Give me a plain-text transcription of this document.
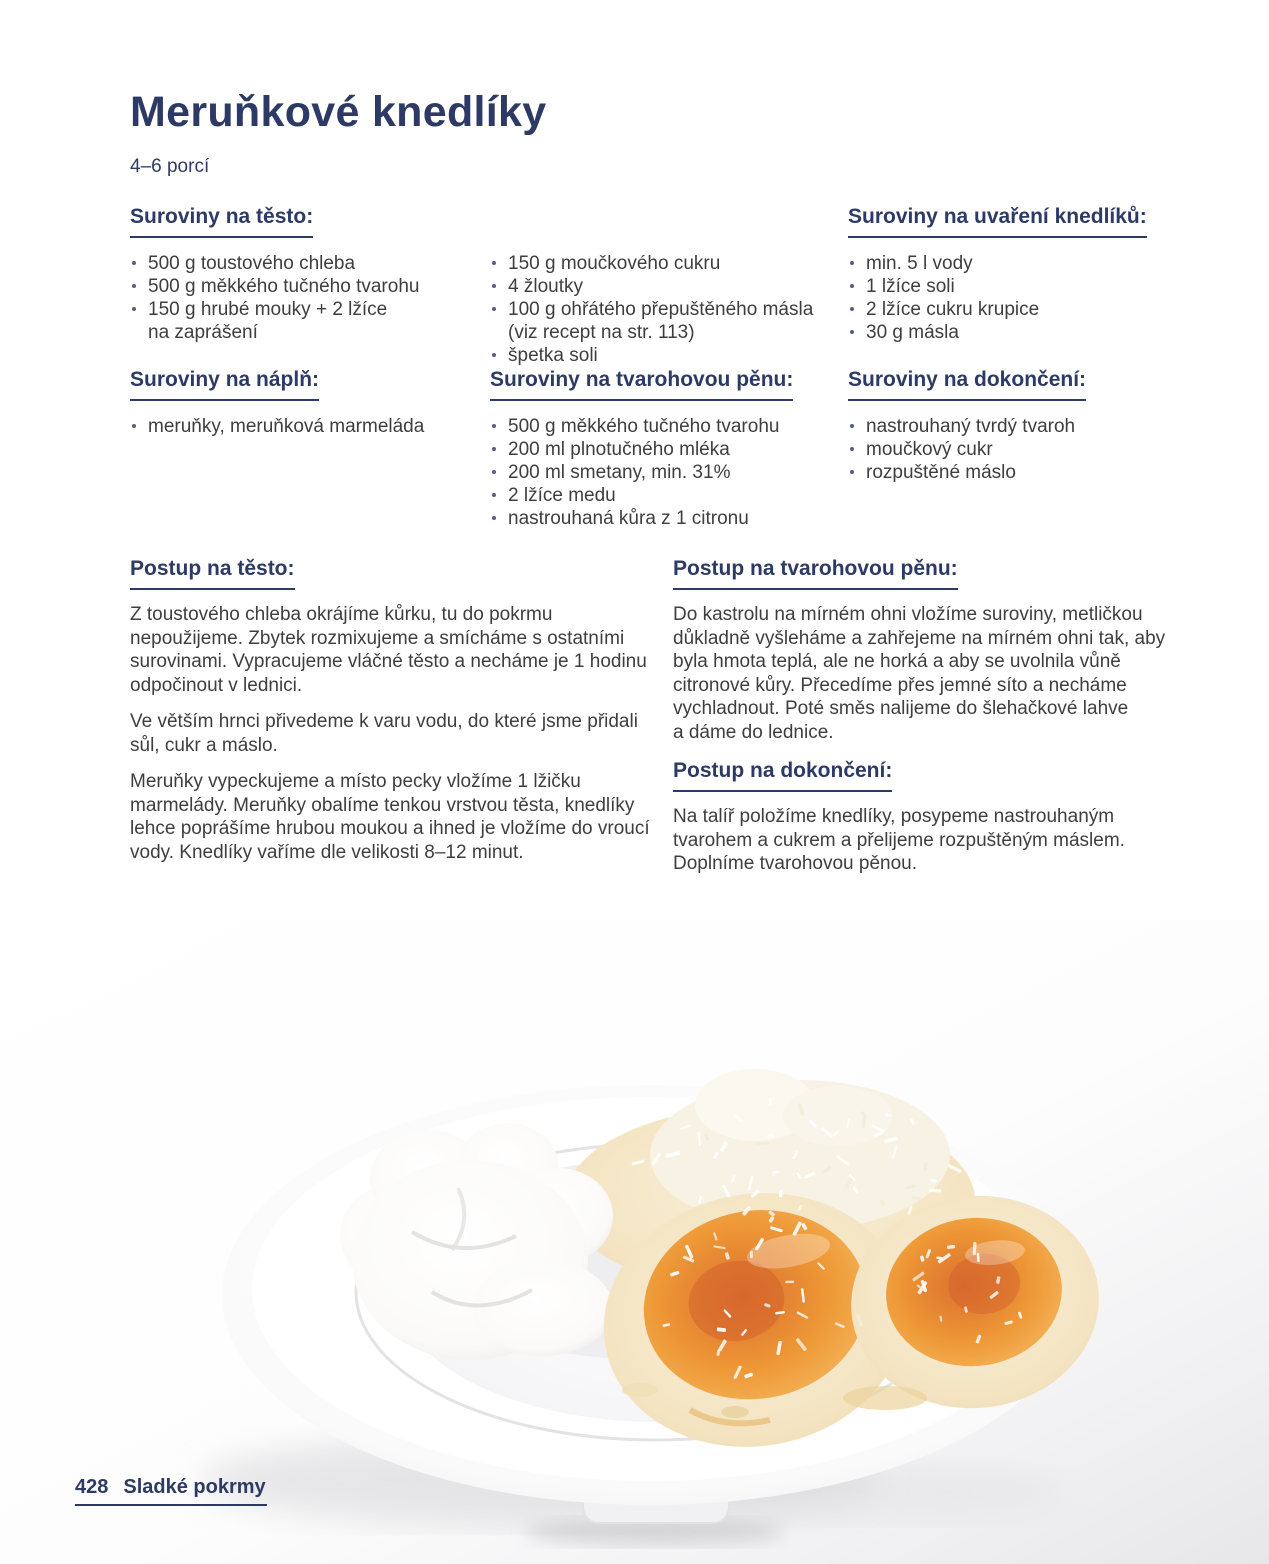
Meruňkové knedlíky
4–6 porcí
Suroviny na těsto:
500 g toustového chleba
500 g měkkého tučného tvarohu
150 g hrubé mouky + 2 lžíce na zaprášení
150 g moučkového cukru
4 žloutky
100 g ohřátého přepuštěného másla (viz recept na str. 113)
špetka soli
Suroviny na uvaření knedlíků:
min. 5 l vody
1 lžíce soli
2 lžíce cukru krupice
30 g másla
Suroviny na náplň:
meruňky, meruňková marmeláda
Suroviny na tvarohovou pěnu:
500 g měkkého tučného tvarohu
200 ml plnotučného mléka
200 ml smetany, min. 31%
2 lžíce medu
nastrouhaná kůra z 1 citronu
Suroviny na dokončení:
nastrouhaný tvrdý tvaroh
moučkový cukr
rozpuštěné máslo
Postup na těsto:

Z toustového chleba okrájíme kůrku, tu do pokrmu nepoužijeme. Zbytek rozmixujeme a smícháme s ostatními surovinami. Vypracujeme vláčné těsto a necháme je 1 hodinu odpočinout v lednici.

Ve větším hrnci přivedeme k varu vodu, do které jsme přidali sůl, cukr a máslo.

Meruňky vypeckujeme a místo pecky vložíme 1 lžičku marmelády. Meruňky obalíme tenkou vrstvou těsta, knedlíky lehce poprášíme hrubou moukou a ihned je vložíme do vroucí vody. Knedlíky vaříme dle velikosti 8–12 minut.

Postup na tvarohovou pěnu:

Do kastrolu na mírném ohni vložíme suroviny, metličkou důkladně vyšleháme a zahřejeme na mírném ohni tak, aby byla hmota teplá, ale ne horká a aby se uvolnila vůně citronové kůry. Přecedíme přes jemné síto a necháme vychladnout. Poté směs nalijeme do šlehačkové lahve a dáme do lednice.

Postup na dokončení:

Na talíř položíme knedlíky, posypeme nastrouhaným tvarohem a cukrem a přelijeme rozpuštěným máslem. Doplníme tvarohovou pěnou.

428 Sladké pokrmy
